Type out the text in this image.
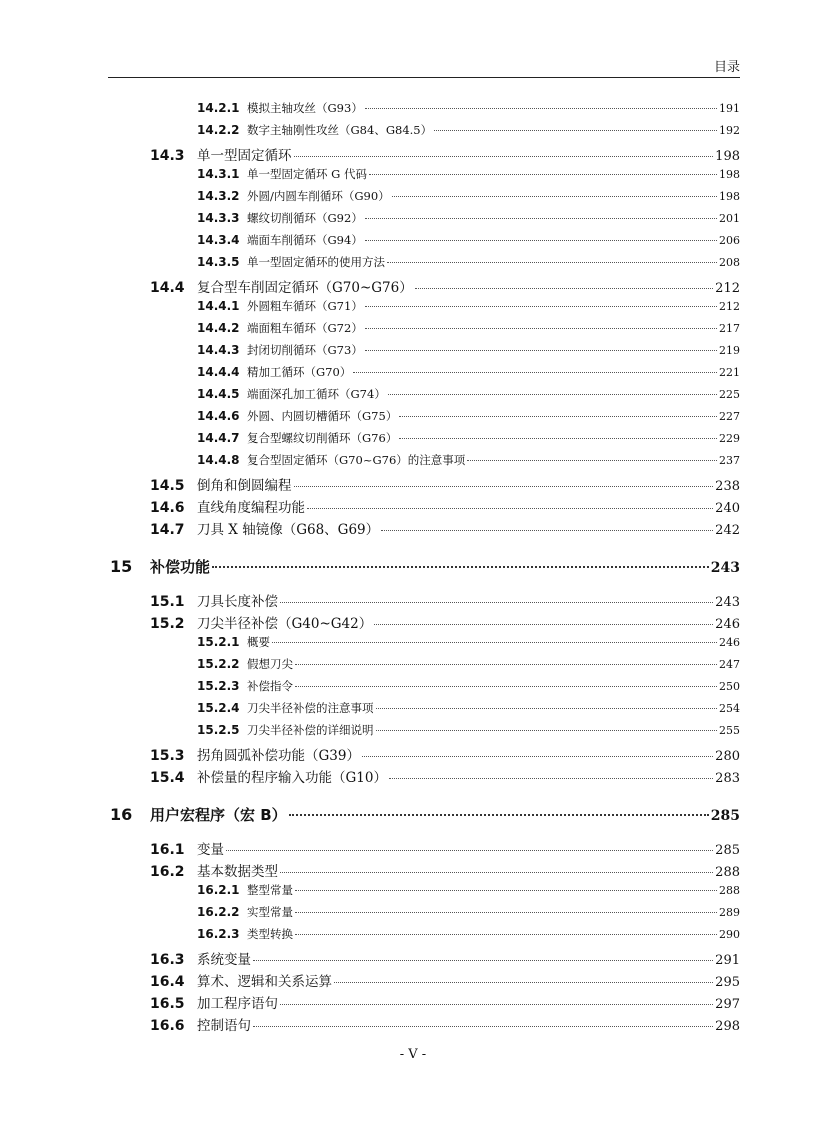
目录
14.2.1 模拟主轴攻丝（G93）	191
14.2.2 数字主轴刚性攻丝（G84、G84.5）	192
14.3 单一型固定循环	198
14.3.1 单一型固定循环 G 代码	198
14.3.2 外圆/内圆车削循环（G90）	198
14.3.3 螺纹切削循环（G92）	201
14.3.4 端面车削循环（G94）	206
14.3.5 单一型固定循环的使用方法	208
14.4 复合型车削固定循环（G70~G76）	212
14.4.1 外圆粗车循环（G71）	212
14.4.2 端面粗车循环（G72）	217
14.4.3 封闭切削循环（G73）	219
14.4.4 精加工循环（G70）	221
14.4.5 端面深孔加工循环（G74）	225
14.4.6 外圆、内圆切槽循环（G75）	227
14.4.7 复合型螺纹切削循环（G76）	229
14.4.8 复合型固定循环（G70~G76）的注意事项	237
14.5 倒角和倒圆编程	238
14.6 直线角度编程功能	240
14.7 刀具 X 轴镜像（G68、G69）	242
15	补偿功能	243
15.1 刀具长度补偿	243
15.2 刀尖半径补偿（G40~G42）	246
15.2.1 概要	246
15.2.2 假想刀尖	247
15.2.3 补偿指令	250
15.2.4 刀尖半径补偿的注意事项	254
15.2.5 刀尖半径补偿的详细说明	255
15.3 拐角圆弧补偿功能（G39）	280
15.4 补偿量的程序输入功能（G10）	283
16	用户宏程序（宏 B）	285
16.1 变量	285
16.2 基本数据类型	288
16.2.1 整型常量	288
16.2.2 实型常量	289
16.2.3 类型转换	290
16.3 系统变量	291
16.4 算术、逻辑和关系运算	295
16.5 加工程序语句	297
16.6 控制语句	298
- V -
